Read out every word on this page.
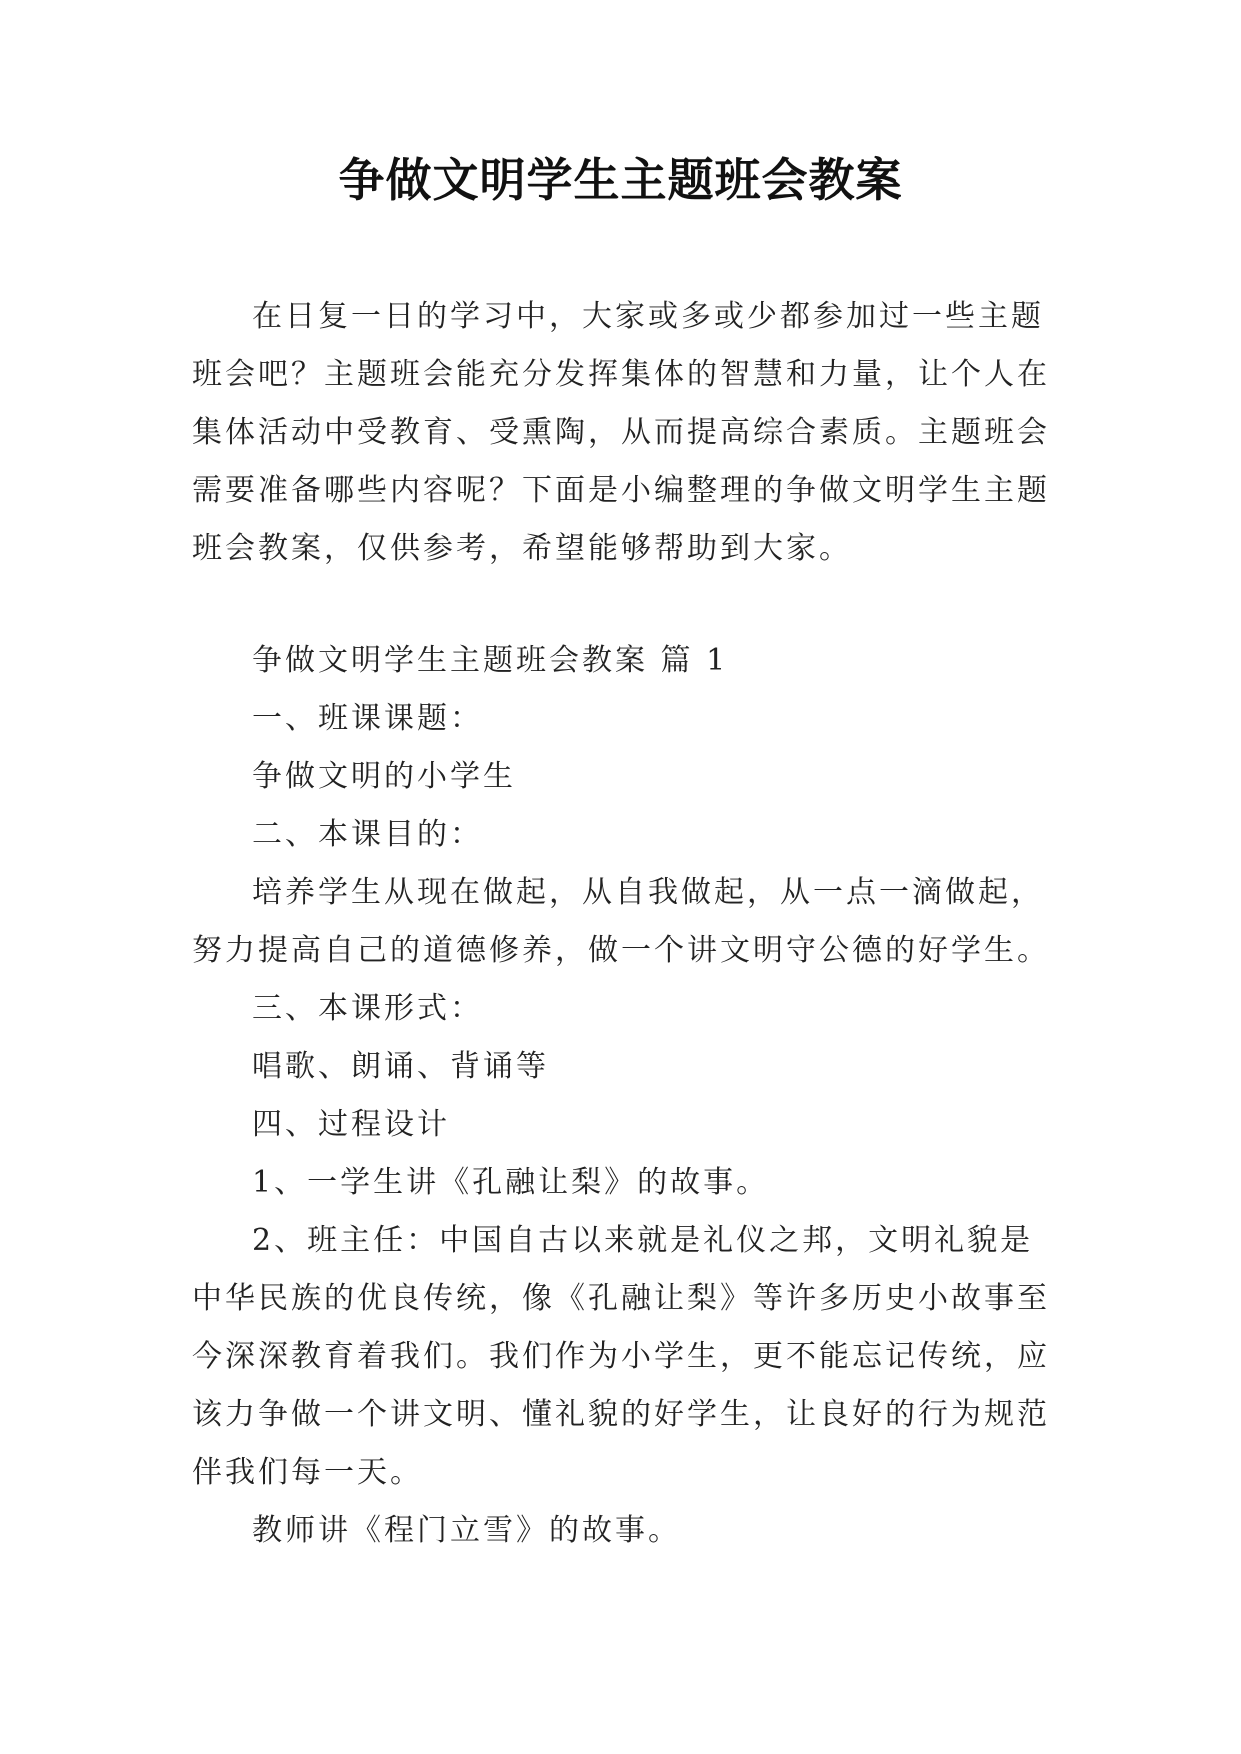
争做文明学生主题班会教案

在日复一日的学习中，大家或多或少都参加过一些主题班会吧？主题班会能充分发挥集体的智慧和力量，让个人在集体活动中受教育、受熏陶，从而提高综合素质。主题班会需要准备哪些内容呢？下面是小编整理的争做文明学生主题班会教案，仅供参考，希望能够帮助到大家。

争做文明学生主题班会教案 篇 1

一、班课课题：

争做文明的小学生

二、本课目的：

培养学生从现在做起，从自我做起，从一点一滴做起，努力提高自己的道德修养，做一个讲文明守公德的好学生。

三、本课形式：

唱歌、朗诵、背诵等

四、过程设计

1、一学生讲《孔融让梨》的故事。

2、班主任：中国自古以来就是礼仪之邦，文明礼貌是中华民族的优良传统，像《孔融让梨》等许多历史小故事至今深深教育着我们。我们作为小学生，更不能忘记传统，应该力争做一个讲文明、懂礼貌的好学生，让良好的行为规范伴我们每一天。

教师讲《程门立雪》的故事。
